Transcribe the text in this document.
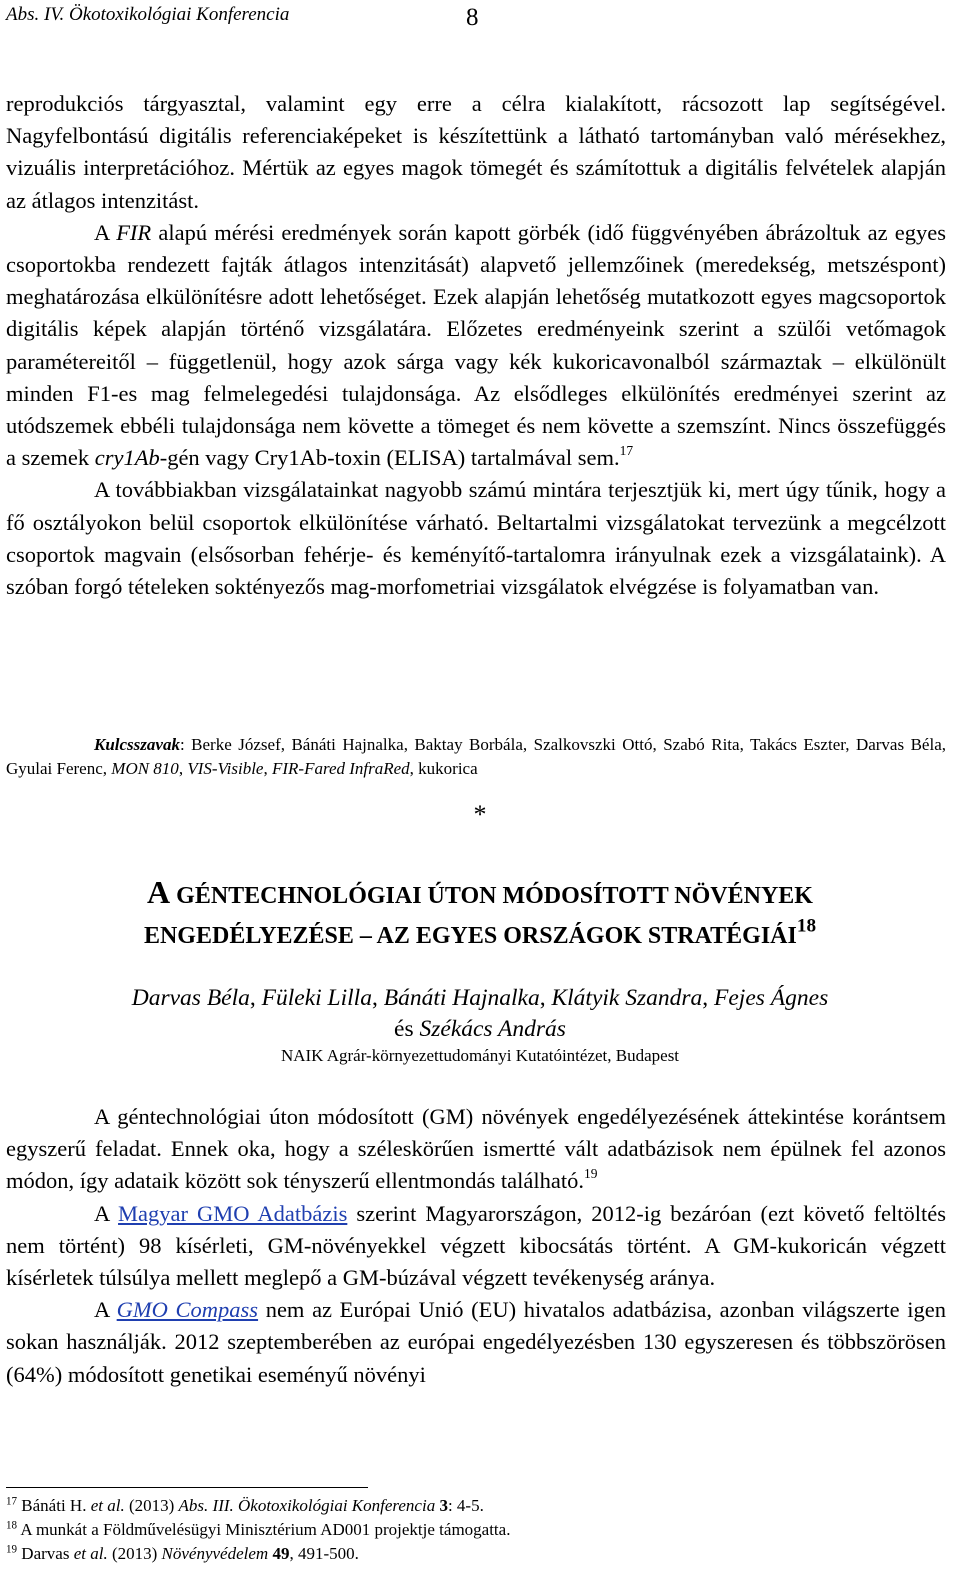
Abs. IV. Ökotoxikológiai Konferencia	8

reprodukciós tárgyasztal, valamint egy erre a célra kialakított, rácsozott lap segítségével. Nagyfelbontású digitális referenciaképeket is készítettünk a látható tartományban való mérésekhez, vizuális interpretációhoz. Mértük az egyes magok tömegét és számítottuk a digitális felvételek alapján az átlagos intenzitást.

A FIR alapú mérési eredmények során kapott görbék (idő függvényében ábrázoltuk az egyes csoportokba rendezett fajták átlagos intenzitását) alapvető jellemzőinek (meredekség, metszéspont) meghatározása elkülönítésre adott lehetőséget. Ezek alapján lehetőség mutatkozott egyes magcsoportok digitális képek alapján történő vizsgálatára. Előzetes eredményeink szerint a szülői vetőmagok paramétereitől – függetlenül, hogy azok sárga vagy kék kukoricavonalból származtak – elkülönült minden F1-es mag felmelegedési tulajdonsága. Az elsődleges elkülönítés eredményei szerint az utódszemek ebbéli tulajdonsága nem követte a tömeget és nem követte a szemszínt. Nincs összefüggés a szemek cry1Ab-gén vagy Cry1Ab-toxin (ELISA) tartalmával sem.$^{17}$

A továbbiakban vizsgálatainkat nagyobb számú mintára terjesztjük ki, mert úgy tűnik, hogy a fő osztályokon belül csoportok elkülönítése várható. Beltartalmi vizsgálatokat tervezünk a megcélzott csoportok magvain (elsősorban fehérje- és keményítő-tartalomra irányulnak ezek a vizsgálataink). A szóban forgó tételeken soktényezős mag-morfometriai vizsgálatok elvégzése is folyamatban van.

Kulcsszavak: Berke József, Bánáti Hajnalka, Baktay Borbála, Szalkovszki Ottó, Szabó Rita, Takács Eszter, Darvas Béla, Gyulai Ferenc, MON 810, VIS-Visible, FIR-Fared InfraRed, kukorica

*
A GÉNTECHNOLÓGIAI ÚTON MÓDOSÍTOTT NÖVÉNYEK
ENGEDÉLYEZÉSE – AZ EGYES ORSZÁGOK STRATÉGIÁI$^{18}$
Darvas Béla, Füleki Lilla, Bánáti Hajnalka, Klátyik Szandra, Fejes Ágnes
és Székács András
NAIK Agrár-környezettudományi Kutatóintézet, Budapest

A géntechnológiai úton módosított (GM) növények engedélyezésének áttekintése korántsem egyszerű feladat. Ennek oka, hogy a széleskörűen ismertté vált adatbázisok nem épülnek fel azonos módon, így adataik között sok tényszerű ellentmondás található.$^{19}$

A Magyar GMO Adatbázis szerint Magyarországon, 2012-ig bezáróan (ezt követő feltöltés nem történt) 98 kísérleti, GM-növényekkel végzett kibocsátás történt. A GM-kukoricán végzett kísérletek túlsúlya mellett meglepő a GM-búzával végzett tevékenység aránya.

A GMO Compass nem az Európai Unió (EU) hivatalos adatbázisa, azonban világszerte igen sokan használják. 2012 szeptemberében az európai engedélyezésben 130 egyszeresen és többszörösen (64%) módosított genetikai eseményű növényi

$^{17}$ Bánáti H. et al. (2013) Abs. III. Ökotoxikológiai Konferencia 3: 4-5.
$^{18}$ A munkát a Földművelésügyi Minisztérium AD001 projektje támogatta.
$^{19}$ Darvas et al. (2013) Növényvédelem 49, 491-500.
